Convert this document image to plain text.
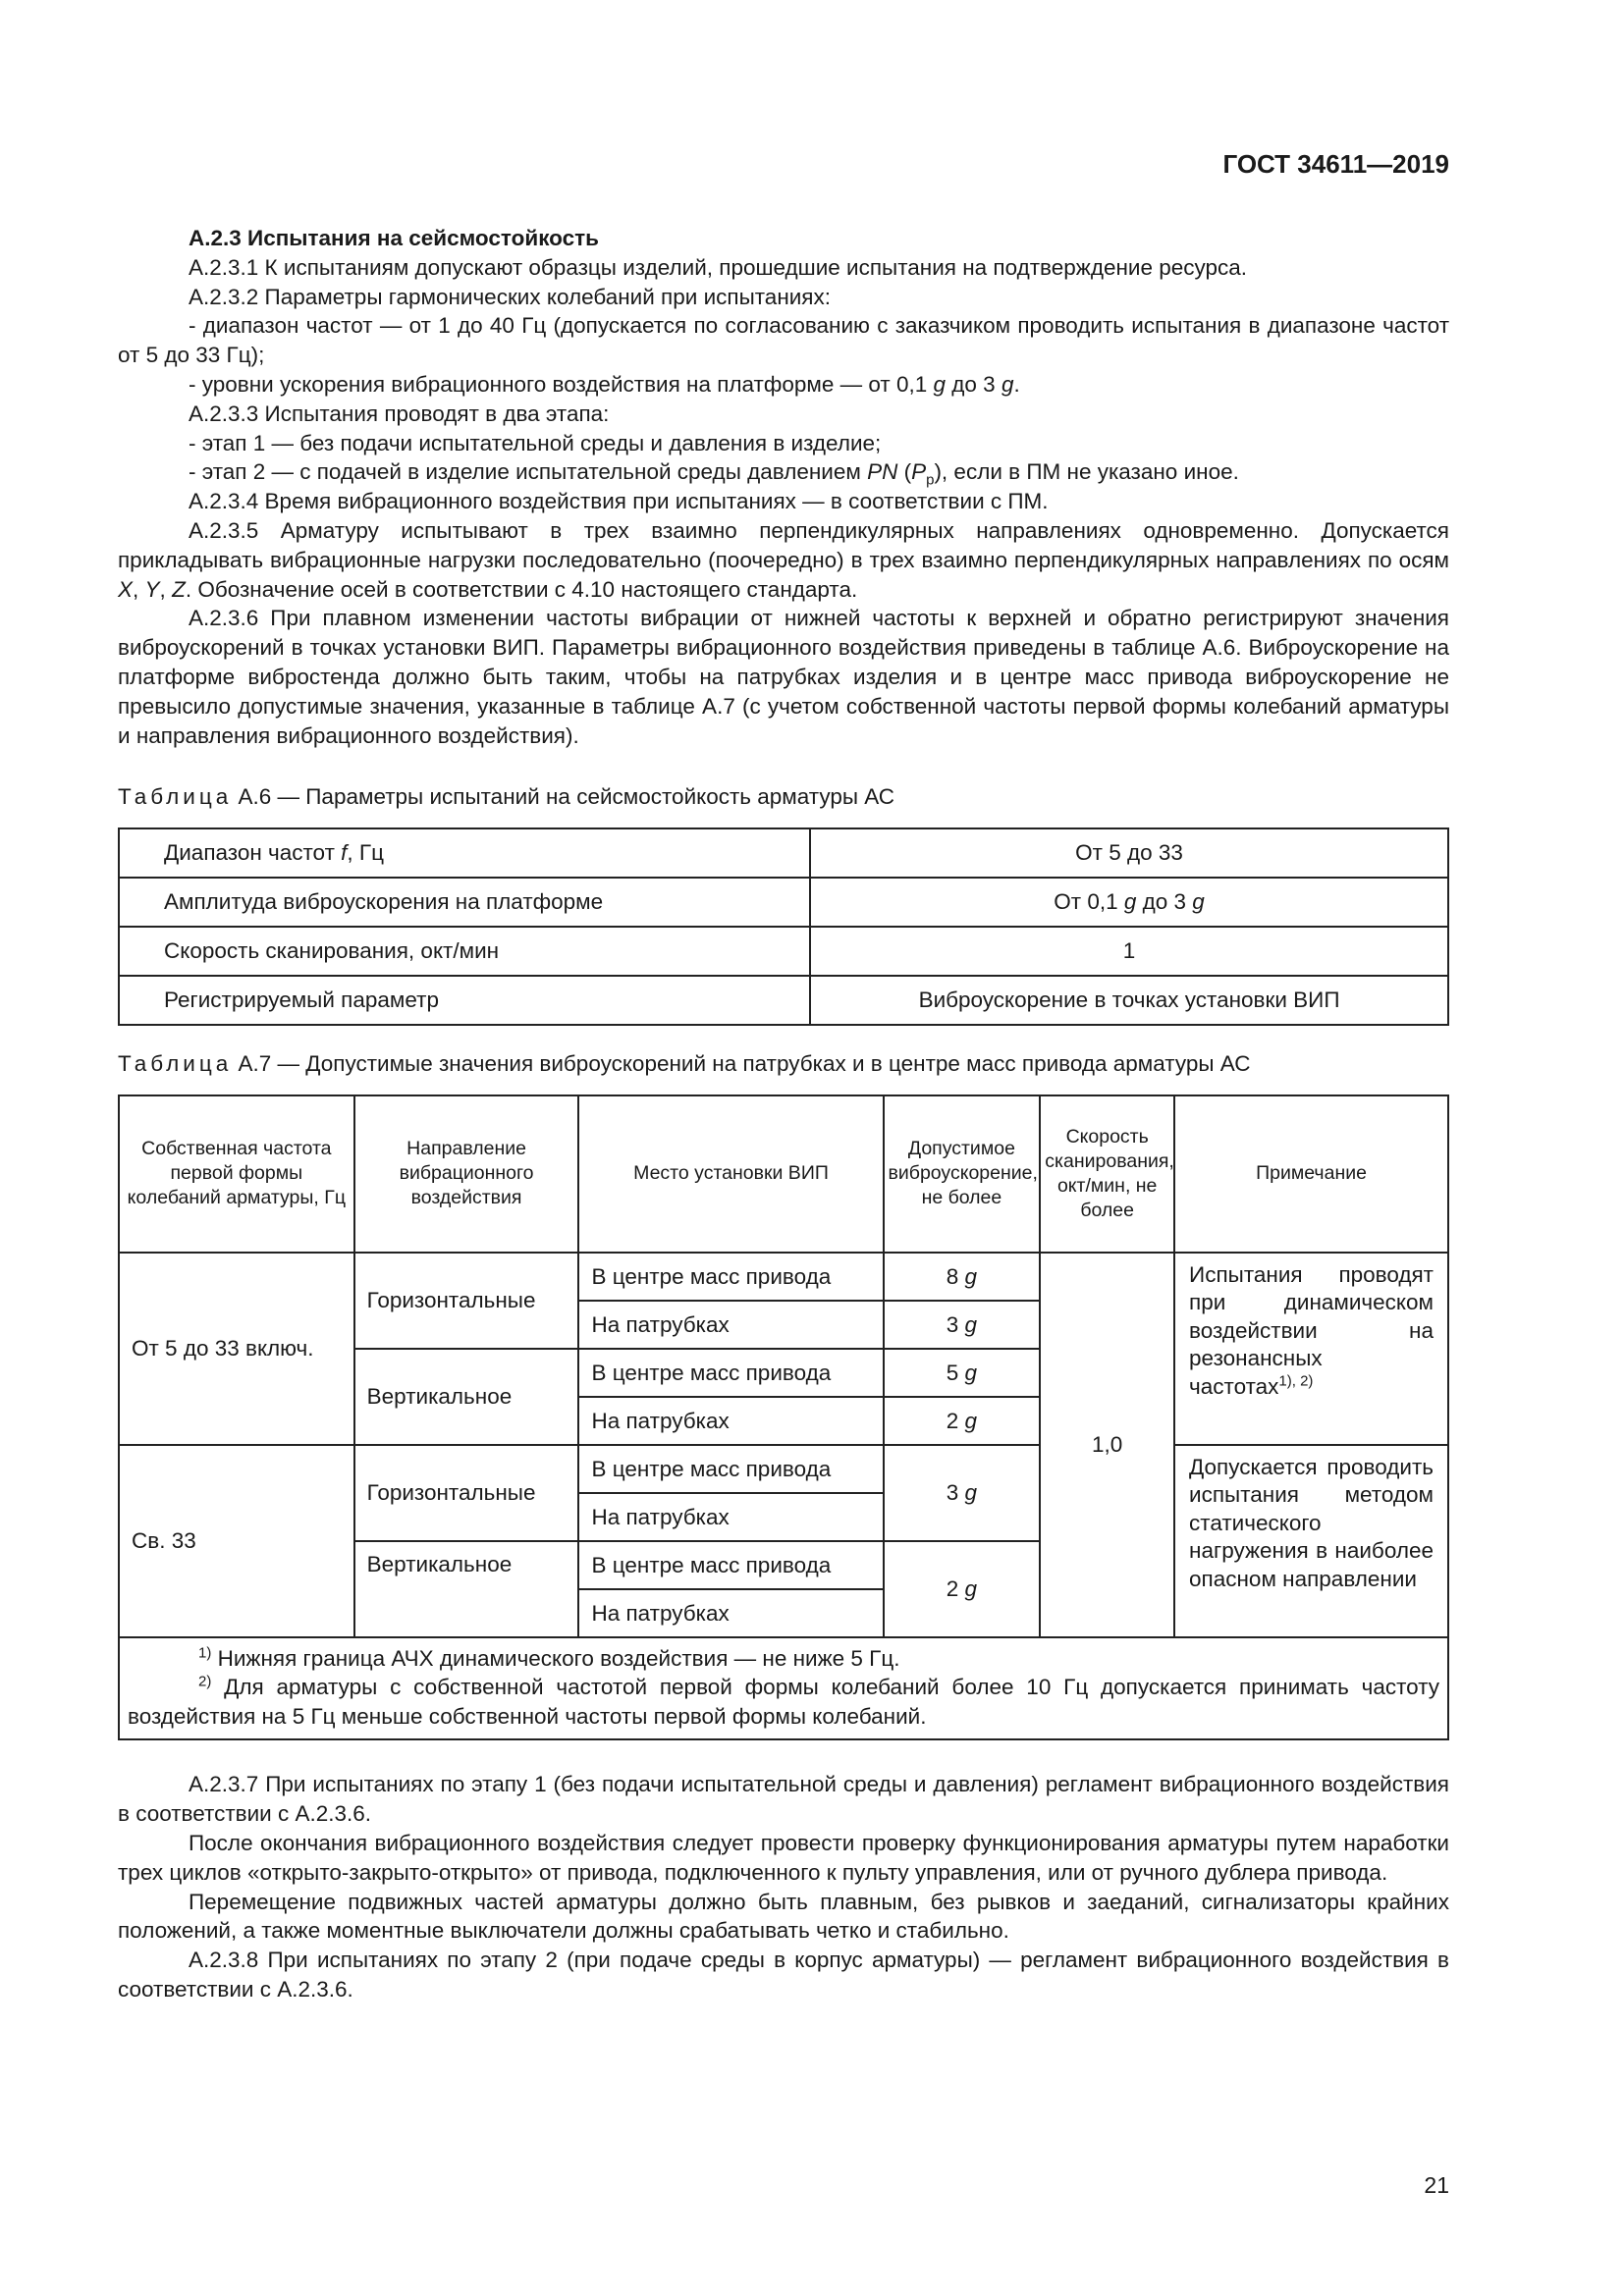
ГОСТ 34611—2019

А.2.3 Испытания на сейсмостойкость

А.2.3.1 К испытаниям допускают образцы изделий, прошедшие испытания на подтверждение ресурса.

А.2.3.2 Параметры гармонических колебаний при испытаниях:

- диапазон частот — от 1 до 40 Гц (допускается по согласованию с заказчиком проводить испытания в диапазоне частот от 5 до 33 Гц);

- уровни ускорения вибрационного воздействия на платформе — от 0,1 g до 3 g.

А.2.3.3 Испытания проводят в два этапа:

- этап 1 — без подачи испытательной среды и давления в изделие;

- этап 2 — с подачей в изделие испытательной среды давлением PN $(P_р)$, если в ПМ не указано иное.

А.2.3.4 Время вибрационного воздействия при испытаниях — в соответствии с ПМ.

А.2.3.5 Арматуру испытывают в трех взаимно перпендикулярных направлениях одновременно. Допускается прикладывать вибрационные нагрузки последовательно (поочередно) в трех взаимно перпендикулярных направлениях по осям X, Y, Z. Обозначение осей в соответствии с 4.10 настоящего стандарта.

А.2.3.6 При плавном изменении частоты вибрации от нижней частоты к верхней и обратно регистрируют значения виброускорений в точках установки ВИП. Параметры вибрационного воздействия приведены в таблице А.6. Виброускорение на платформе вибростенда должно быть таким, чтобы на патрубках изделия и в центре масс привода виброускорение не превысило допустимые значения, указанные в таблице А.7 (с учетом собственной частоты первой формы колебаний арматуры и направления вибрационного воздействия).

Таблица А.6 — Параметры испытаний на сейсмостойкость арматуры АС

Диапазон частот f, Гц	От 5 до 33
Амплитуда виброускорения на платформе	От 0,1 g до 3 g
Скорость сканирования, окт/мин	1
Регистрируемый параметр	Виброускорение в точках установки ВИП

Таблица А.7 — Допустимые значения виброускорений на патрубках и в центре масс привода арматуры АС

Собственная частота первой формы колебаний арматуры, Гц	Направление вибрационного воздействия	Место установки ВИП	Допустимое виброускорение, не более	Скорость сканирования, окт/мин, не более	Примечание
От 5 до 33 включ.	Горизонтальные	В центре масс привода	8 g	1,0	Испытания проводят при динамическом воздействии на резонансных частотах$^{1), 2)}$
		На патрубках	3 g		
	Вертикальное	В центре масс привода	5 g		
		На патрубках	2 g		
Св. 33	Горизонтальные	В центре масс привода	3 g		Допускается проводить испытания методом статического нагружения в наиболее опасном направлении
		На патрубках			
	Вертикальное	В центре масс привода	2 g		
		На патрубках			

$^{1)}$ Нижняя граница АЧХ динамического воздействия — не ниже 5 Гц.

$^{2)}$ Для арматуры с собственной частотой первой формы колебаний более 10 Гц допускается принимать частоту воздействия на 5 Гц меньше собственной частоты первой формы колебаний.					

А.2.3.7 При испытаниях по этапу 1 (без подачи испытательной среды и давления) регламент вибрационного воздействия в соответствии с А.2.3.6.

После окончания вибрационного воздействия следует провести проверку функционирования арматуры путем наработки трех циклов «открыто-закрыто-открыто» от привода, подключенного к пульту управления, или от ручного дублера привода.

Перемещение подвижных частей арматуры должно быть плавным, без рывков и заеданий, сигнализаторы крайних положений, а также моментные выключатели должны срабатывать четко и стабильно.

А.2.3.8 При испытаниях по этапу 2 (при подаче среды в корпус арматуры) — регламент вибрационного воздействия в соответствии с А.2.3.6.

21
